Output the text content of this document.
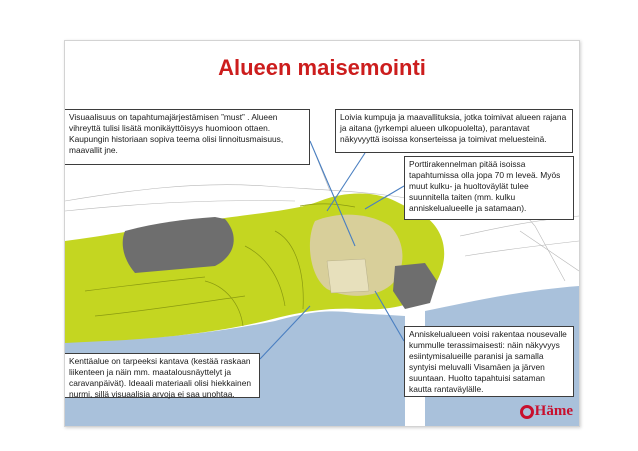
Alueen maisemointi
Visuaalisuus on tapahtumajärjestämisen ”must” . Alueen vihreyttä tulisi lisätä monikäyttöisyys huomioon ottaen. Kaupungin historiaan sopiva teema olisi linnoitusmaisuus, maavallit jne.
Loivia kumpuja ja maavallituksia, jotka toimivat alueen rajana ja aitana (jyrkempi alueen ulkopuolelta), parantavat näkyvyyttä isoissa konserteissa ja toimivat meluesteinä.
Porttirakennelman pitää isoissa tapahtumissa olla jopa 70 m leveä. Myös muut kulku‐ ja huoltoväylät tulee suunnitella taiten (mm. kulku anniskelualueelle ja satamaan).
Anniskelualueen voisi rakentaa nousevalle kummulle terassimaisesti: näin näkyvyys esiintymisalueille paranisi ja samalla syntyisi meluvalli Visamäen ja järven suuntaan. Huolto tapahtuisi sataman kautta rantaväylälle.
Kenttäalue on tarpeeksi kantava (kestää raskaan liikenteen ja näin mm. maatalousnäyttelyt ja caravanpäivät). Ideaali materiaali olisi hiekkainen nurmi, sillä visuaalisia arvoja ei saa unohtaa.
Häme
